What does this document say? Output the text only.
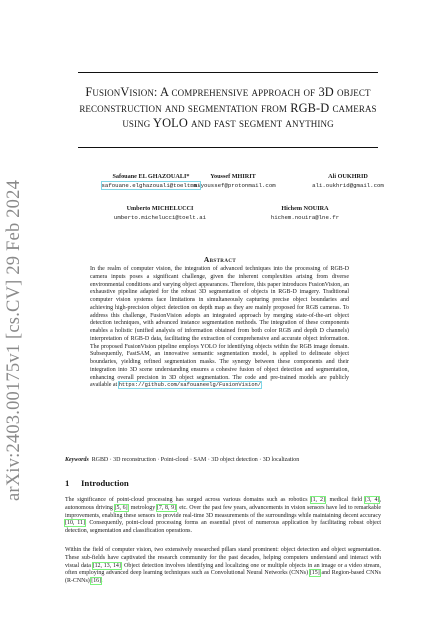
arXiv:2403.00175v1 [cs.CV] 29 Feb 2024
FusionVision: A comprehensive approach of 3D object reconstruction and segmentation from RGB-D cameras using YOLO and fast segment anything
Safouane EL GHAZOUALI*
safouane.elghazouali@toelt.ai
Youssef MHIRIT
mm-youssef@protonmail.com
Ali OUKHRID
ali.oukhrid@gmail.com
Umberto MICHELUCCI
umberto.michelucci@toelt.ai
Hichem NOUIRA
hichem.nouira@lne.fr
Abstract
In the realm of computer vision, the integration of advanced techniques into the processing of RGB-D camera inputs poses a significant challenge, given the inherent complexities arising from diverse environmental conditions and varying object appearances. Therefore, this paper introduces FusionVision, an exhaustive pipeline adapted for the robust 3D segmentation of objects in RGB-D imagery. Traditional computer vision systems face limitations in simultaneously capturing precise object boundaries and achieving high-precision object detection on depth map as they are mainly proposed for RGB cameras. To address this challenge, FusionVision adopts an integrated approach by merging state-of-the-art object detection techniques, with advanced instance segmentation methods. The integration of these components enables a holistic (unified analysis of information obtained from both color RGB and depth D channels) interpretation of RGB-D data, facilitating the extraction of comprehensive and accurate object information. The proposed FusionVision pipeline employs YOLO for identifying objects within the RGB image domain. Subsequently, FastSAM, an innovative semantic segmentation model, is applied to delineate object boundaries, yielding refined segmentation masks. The synergy between these components and their integration into 3D scene understanding ensures a cohesive fusion of object detection and segmentation, enhancing overall precision in 3D object segmentation. The code and pre-trained models are publicly available at https://github.com/safouaneelg/FusionVision/.
Keywords RGBD · 3D reconstruction · Point-cloud · SAM · 3D object detection · 3D localization
1 Introduction
The significance of point-cloud processing has surged across various domains such as robotics [1, 2], medical field [3, 4], autonomous driving [5, 6], metrology [7, 8, 9], etc. Over the past few years, advancements in vision sensors have led to remarkable improvements, enabling these sensors to provide real-time 3D measurements of the surroundings while maintaining decent accuracy [10, 11]. Consequently, point-cloud processing forms an essential pivot of numerous application by facilitating robust object detection, segmentation and classification operations.
Within the field of computer vision, two extensively researched pillars stand prominent: object detection and object segmentation. These sub-fields have captivated the research community for the past decades, helping computers understand and interact with visual data [12, 13, 14]. Object detection involves identifying and localizing one or multiple objects in an image or a video stream, often employing advanced deep learning techniques such as Convolutional Neural Networks (CNNs) [15] and Region-based CNNs (R-CNNs) [16].
